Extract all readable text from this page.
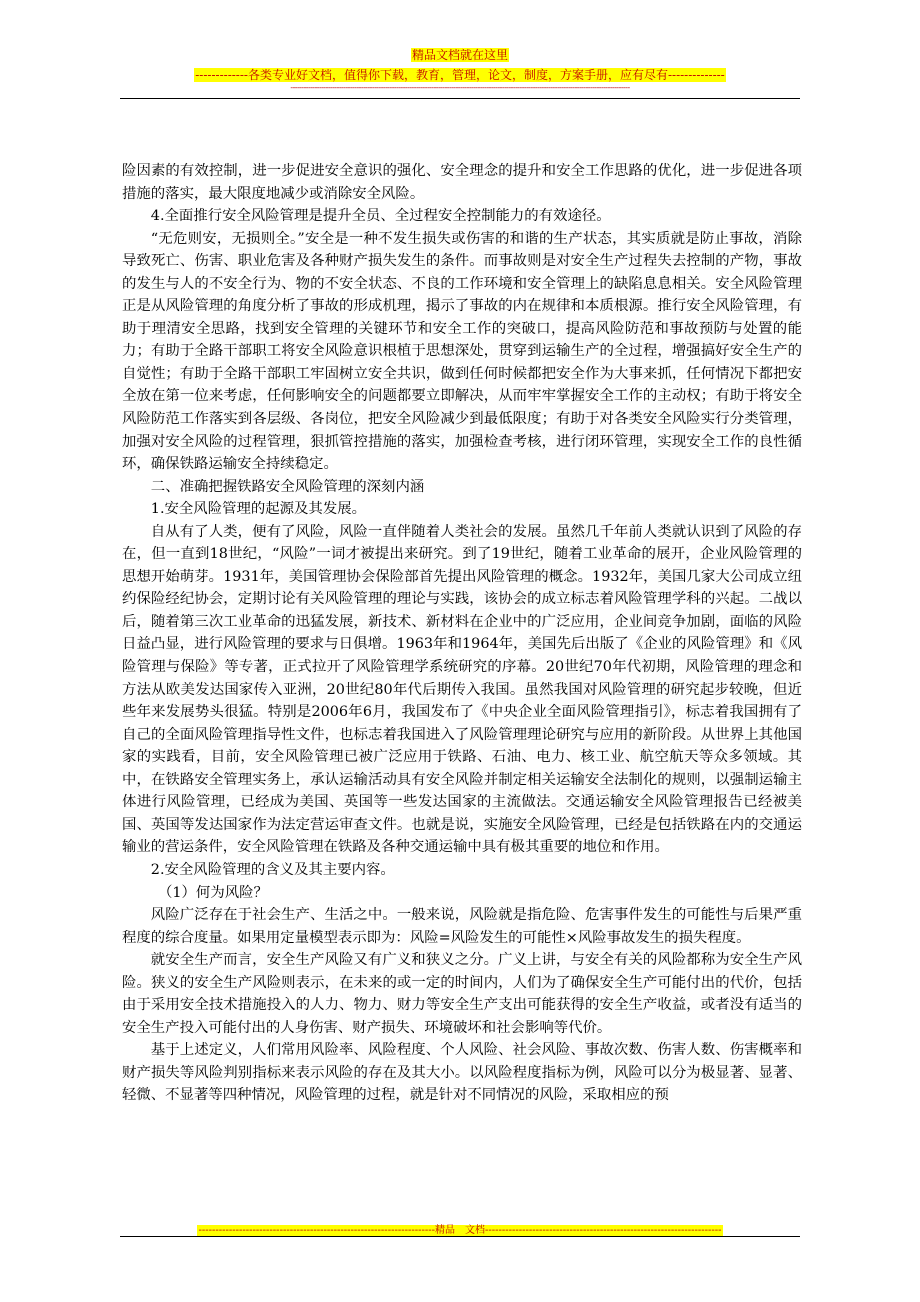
精品文档就在这里
-------------各类专业好文档，值得你下载，教育，管理，论文，制度，方案手册，应有尽有--------------
----------------------------------------------------------------------------------------------------------------------------------------------------------

险因素的有效控制，进一步促进安全意识的强化、安全理念的提升和安全工作思路的优化，进一步促进各项措施的落实，最大限度地减少或消除安全风险。

4.全面推行安全风险管理是提升全员、全过程安全控制能力的有效途径。

“无危则安，无损则全。”安全是一种不发生损失或伤害的和谐的生产状态，其实质就是防止事故，消除导致死亡、伤害、职业危害及各种财产损失发生的条件。而事故则是对安全生产过程失去控制的产物，事故的发生与人的不安全行为、物的不安全状态、不良的工作环境和安全管理上的缺陷息息相关。安全风险管理正是从风险管理的角度分析了事故的形成机理，揭示了事故的内在规律和本质根源。推行安全风险管理，有助于理清安全思路，找到安全管理的关键环节和安全工作的突破口，提高风险防范和事故预防与处置的能力；有助于全路干部职工将安全风险意识根植于思想深处，贯穿到运输生产的全过程，增强搞好安全生产的自觉性；有助于全路干部职工牢固树立安全共识，做到任何时候都把安全作为大事来抓，任何情况下都把安全放在第一位来考虑，任何影响安全的问题都要立即解决，从而牢牢掌握安全工作的主动权；有助于将安全风险防范工作落实到各层级、各岗位，把安全风险减少到最低限度；有助于对各类安全风险实行分类管理，加强对安全风险的过程管理，狠抓管控措施的落实，加强检查考核，进行闭环管理，实现安全工作的良性循环，确保铁路运输安全持续稳定。

二、准确把握铁路安全风险管理的深刻内涵

1.安全风险管理的起源及其发展。

自从有了人类，便有了风险，风险一直伴随着人类社会的发展。虽然几千年前人类就认识到了风险的存在，但一直到18世纪，“风险”一词才被提出来研究。到了19世纪，随着工业革命的展开，企业风险管理的思想开始萌芽。1931年，美国管理协会保险部首先提出风险管理的概念。1932年，美国几家大公司成立纽约保险经纪协会，定期讨论有关风险管理的理论与实践，该协会的成立标志着风险管理学科的兴起。二战以后，随着第三次工业革命的迅猛发展，新技术、新材料在企业中的广泛应用，企业间竞争加剧，面临的风险日益凸显，进行风险管理的要求与日俱增。1963年和1964年，美国先后出版了《企业的风险管理》和《风险管理与保险》等专著，正式拉开了风险管理学系统研究的序幕。20世纪70年代初期，风险管理的理念和方法从欧美发达国家传入亚洲，20世纪80年代后期传入我国。虽然我国对风险管理的研究起步较晚，但近些年来发展势头很猛。特别是2006年6月，我国发布了《中央企业全面风险管理指引》，标志着我国拥有了自己的全面风险管理指导性文件，也标志着我国进入了风险管理理论研究与应用的新阶段。从世界上其他国家的实践看，目前，安全风险管理已被广泛应用于铁路、石油、电力、核工业、航空航天等众多领域。其中，在铁路安全管理实务上，承认运输活动具有安全风险并制定相关运输安全法制化的规则，以强制运输主体进行风险管理，已经成为美国、英国等一些发达国家的主流做法。交通运输安全风险管理报告已经被美国、英国等发达国家作为法定营运审查文件。也就是说，实施安全风险管理，已经是包括铁路在内的交通运输业的营运条件，安全风险管理在铁路及各种交通运输中具有极其重要的地位和作用。

2.安全风险管理的含义及其主要内容。

（1）何为风险？

风险广泛存在于社会生产、生活之中。一般来说，风险就是指危险、危害事件发生的可能性与后果严重程度的综合度量。如果用定量模型表示即为：风险=风险发生的可能性×风险事故发生的损失程度。

就安全生产而言，安全生产风险又有广义和狭义之分。广义上讲，与安全有关的风险都称为安全生产风险。狭义的安全生产风险则表示，在未来的或一定的时间内，人们为了确保安全生产可能付出的代价，包括由于采用安全技术措施投入的人力、物力、财力等安全生产支出可能获得的安全生产收益，或者没有适当的安全生产投入可能付出的人身伤害、财产损失、环境破坏和社会影响等代价。

基于上述定义，人们常用风险率、风险程度、个人风险、社会风险、事故次数、伤害人数、伤害概率和财产损失等风险判别指标来表示风险的存在及其大小。以风险程度指标为例，风险可以分为极显著、显著、轻微、不显著等四种情况，风险管理的过程，就是针对不同情况的风险，采取相应的预

----------------------------------------------------------------------精品　文档----------------------------------------------------------------------
